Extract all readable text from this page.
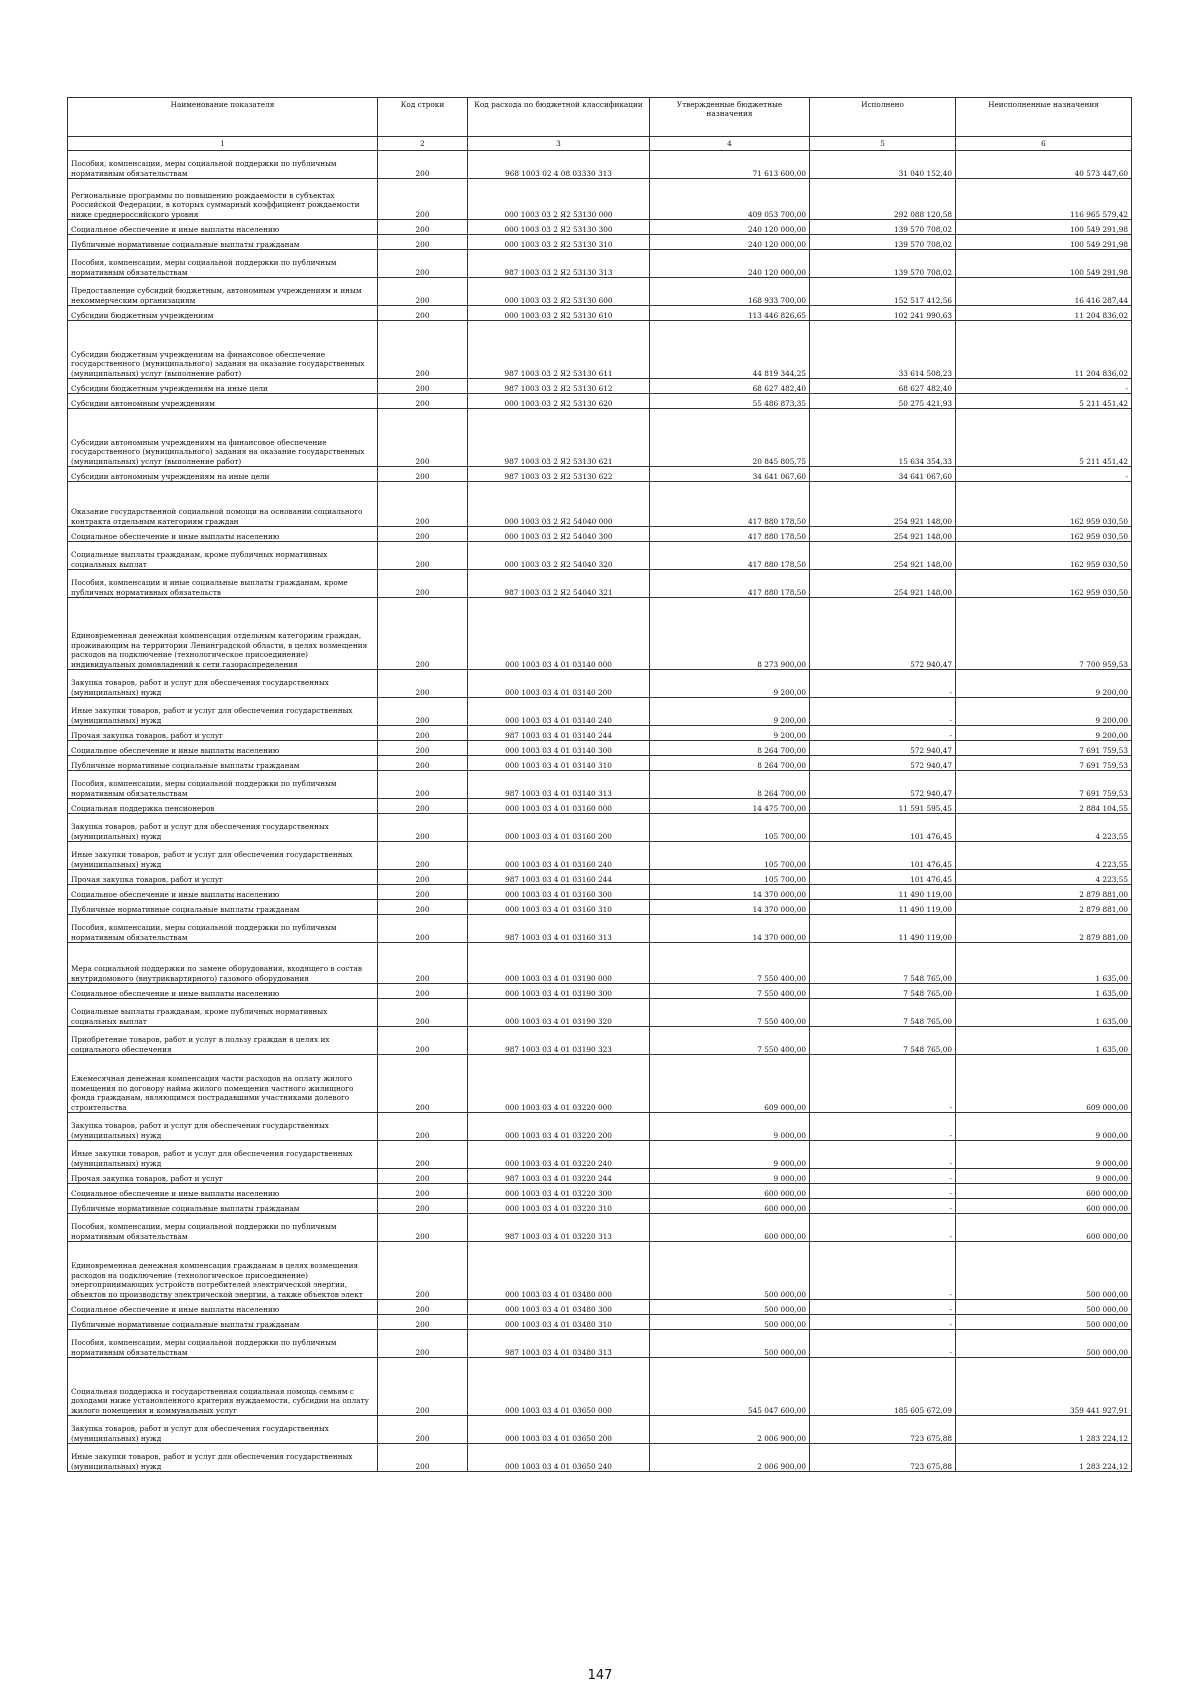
Наименование показателя	Код строки	Код расхода по бюджетной классификации	Утвержденные бюджетные назначения	Исполнено	Неисполненные назначения
1	2	3	4	5	6
Пособия, компенсации, меры социальной поддержки по публичным нормативным обязательствам	200	968 1003 02 4 08 03330 313	71 613 600,00	31 040 152,40	40 573 447,60
Региональные программы по повышению рождаемости в субъектах Российской Федерации, в которых суммарный коэффициент рождаемости ниже среднероссийского уровня	200	000 1003 03 2 Я2 53130 000	409 053 700,00	292 088 120,58	116 965 579,42
Социальное обеспечение и иные выплаты населению	200	000 1003 03 2 Я2 53130 300	240 120 000,00	139 570 708,02	100 549 291,98
Публичные нормативные социальные выплаты гражданам	200	000 1003 03 2 Я2 53130 310	240 120 000,00	139 570 708,02	100 549 291,98
Пособия, компенсации, меры социальной поддержки по публичным нормативным обязательствам	200	987 1003 03 2 Я2 53130 313	240 120 000,00	139 570 708,02	100 549 291,98
Предоставление субсидий бюджетным, автономным учреждениям и иным некоммерческим организациям	200	000 1003 03 2 Я2 53130 600	168 933 700,00	152 517 412,56	16 416 287,44
Субсидии бюджетным учреждениям	200	000 1003 03 2 Я2 53130 610	113 446 826,65	102 241 990,63	11 204 836,02
Субсидии бюджетным учреждениям на финансовое обеспечение государственного (муниципального) задания на оказание государственных (муниципальных) услуг (выполнение работ)	200	987 1003 03 2 Я2 53130 611	44 819 344,25	33 614 508,23	11 204 836,02
Субсидии бюджетным учреждениям на иные цели	200	987 1003 03 2 Я2 53130 612	68 627 482,40	68 627 482,40	-
Субсидии автономным учреждениям	200	000 1003 03 2 Я2 53130 620	55 486 873,35	50 275 421,93	5 211 451,42
Субсидии автономным учреждениям на финансовое обеспечение государственного (муниципального) задания на оказание государственных (муниципальных) услуг (выполнение работ)	200	987 1003 03 2 Я2 53130 621	20 845 805,75	15 634 354,33	5 211 451,42
Субсидии автономным учреждениям на иные цели	200	987 1003 03 2 Я2 53130 622	34 641 067,60	34 641 067,60	-
Оказание государственной социальной помощи на основании социального контракта отдельным категориям граждан	200	000 1003 03 2 Я2 54040 000	417 880 178,50	254 921 148,00	162 959 030,50
Социальное обеспечение и иные выплаты населению	200	000 1003 03 2 Я2 54040 300	417 880 178,50	254 921 148,00	162 959 030,50
Социальные выплаты гражданам, кроме публичных нормативных социальных выплат	200	000 1003 03 2 Я2 54040 320	417 880 178,50	254 921 148,00	162 959 030,50
Пособия, компенсации и иные социальные выплаты гражданам, кроме публичных нормативных обязательств	200	987 1003 03 2 Я2 54040 321	417 880 178,50	254 921 148,00	162 959 030,50
Единовременная денежная компенсация отдельным категориям граждан, проживающим на территории Ленинградской области, в целях возмещения расходов на подключение (технологическое присоединение) индивидуальных домовладений к сети газораспределения	200	000 1003 03 4 01 03140 000	8 273 900,00	572 940,47	7 700 959,53
Закупка товаров, работ и услуг для обеспечения государственных (муниципальных) нужд	200	000 1003 03 4 01 03140 200	9 200,00	-	9 200,00
Иные закупки товаров, работ и услуг для обеспечения государственных (муниципальных) нужд	200	000 1003 03 4 01 03140 240	9 200,00	-	9 200,00
Прочая закупка товаров, работ и услуг	200	987 1003 03 4 01 03140 244	9 200,00	-	9 200,00
Социальное обеспечение и иные выплаты населению	200	000 1003 03 4 01 03140 300	8 264 700,00	572 940,47	7 691 759,53
Публичные нормативные социальные выплаты гражданам	200	000 1003 03 4 01 03140 310	8 264 700,00	572 940,47	7 691 759,53
Пособия, компенсации, меры социальной поддержки по публичным нормативным обязательствам	200	987 1003 03 4 01 03140 313	8 264 700,00	572 940,47	7 691 759,53
Социальная поддержка пенсионеров	200	000 1003 03 4 01 03160 000	14 475 700,00	11 591 595,45	2 884 104,55
Закупка товаров, работ и услуг для обеспечения государственных (муниципальных) нужд	200	000 1003 03 4 01 03160 200	105 700,00	101 476,45	4 223,55
Иные закупки товаров, работ и услуг для обеспечения государственных (муниципальных) нужд	200	000 1003 03 4 01 03160 240	105 700,00	101 476,45	4 223,55
Прочая закупка товаров, работ и услуг	200	987 1003 03 4 01 03160 244	105 700,00	101 476,45	4 223,55
Социальное обеспечение и иные выплаты населению	200	000 1003 03 4 01 03160 300	14 370 000,00	11 490 119,00	2 879 881,00
Публичные нормативные социальные выплаты гражданам	200	000 1003 03 4 01 03160 310	14 370 000,00	11 490 119,00	2 879 881,00
Пособия, компенсации, меры социальной поддержки по публичным нормативным обязательствам	200	987 1003 03 4 01 03160 313	14 370 000,00	11 490 119,00	2 879 881,00
Мера социальной поддержки по замене оборудования, входящего в состав внутридомового (внутриквартирного) газового оборудования	200	000 1003 03 4 01 03190 000	7 550 400,00	7 548 765,00	1 635,00
Социальное обеспечение и иные выплаты населению	200	000 1003 03 4 01 03190 300	7 550 400,00	7 548 765,00	1 635,00
Социальные выплаты гражданам, кроме публичных нормативных социальных выплат	200	000 1003 03 4 01 03190 320	7 550 400,00	7 548 765,00	1 635,00
Приобретение товаров, работ и услуг в пользу граждан в целях их социального обеспечения	200	987 1003 03 4 01 03190 323	7 550 400,00	7 548 765,00	1 635,00
Ежемесячная денежная компенсация части расходов на оплату жилого помещения по договору найма жилого помещения частного жилищного фонда гражданам, являющимся пострадавшими участниками долевого строительства	200	000 1003 03 4 01 03220 000	609 000,00	-	609 000,00
Закупка товаров, работ и услуг для обеспечения государственных (муниципальных) нужд	200	000 1003 03 4 01 03220 200	9 000,00	-	9 000,00
Иные закупки товаров, работ и услуг для обеспечения государственных (муниципальных) нужд	200	000 1003 03 4 01 03220 240	9 000,00	-	9 000,00
Прочая закупка товаров, работ и услуг	200	987 1003 03 4 01 03220 244	9 000,00	-	9 000,00
Социальное обеспечение и иные выплаты населению	200	000 1003 03 4 01 03220 300	600 000,00	-	600 000,00
Публичные нормативные социальные выплаты гражданам	200	000 1003 03 4 01 03220 310	600 000,00	-	600 000,00
Пособия, компенсации, меры социальной поддержки по публичным нормативным обязательствам	200	987 1003 03 4 01 03220 313	600 000,00	-	600 000,00
Единовременная денежная компенсация гражданам в целях возмещения расходов на подключение (технологическое присоединение) энергопринимающих устройств потребителей электрической энергии, объектов по производству электрической энергии, а также объектов элект	200	000 1003 03 4 01 03480 000	500 000,00	-	500 000,00
Социальное обеспечение и иные выплаты населению	200	000 1003 03 4 01 03480 300	500 000,00	-	500 000,00
Публичные нормативные социальные выплаты гражданам	200	000 1003 03 4 01 03480 310	500 000,00	-	500 000,00
Пособия, компенсации, меры социальной поддержки по публичным нормативным обязательствам	200	987 1003 03 4 01 03480 313	500 000,00	-	500 000,00
Социальная поддержка и государственная социальная помощь семьям с доходами ниже установленного критерия нуждаемости, субсидии на оплату жилого помещения и коммунальных услуг	200	000 1003 03 4 01 03650 000	545 047 600,00	185 605 672,09	359 441 927,91
Закупка товаров, работ и услуг для обеспечения государственных (муниципальных) нужд	200	000 1003 03 4 01 03650 200	2 006 900,00	723 675,88	1 283 224,12
Иные закупки товаров, работ и услуг для обеспечения государственных (муниципальных) нужд	200	000 1003 03 4 01 03650 240	2 006 900,00	723 675,88	1 283 224,12
147
